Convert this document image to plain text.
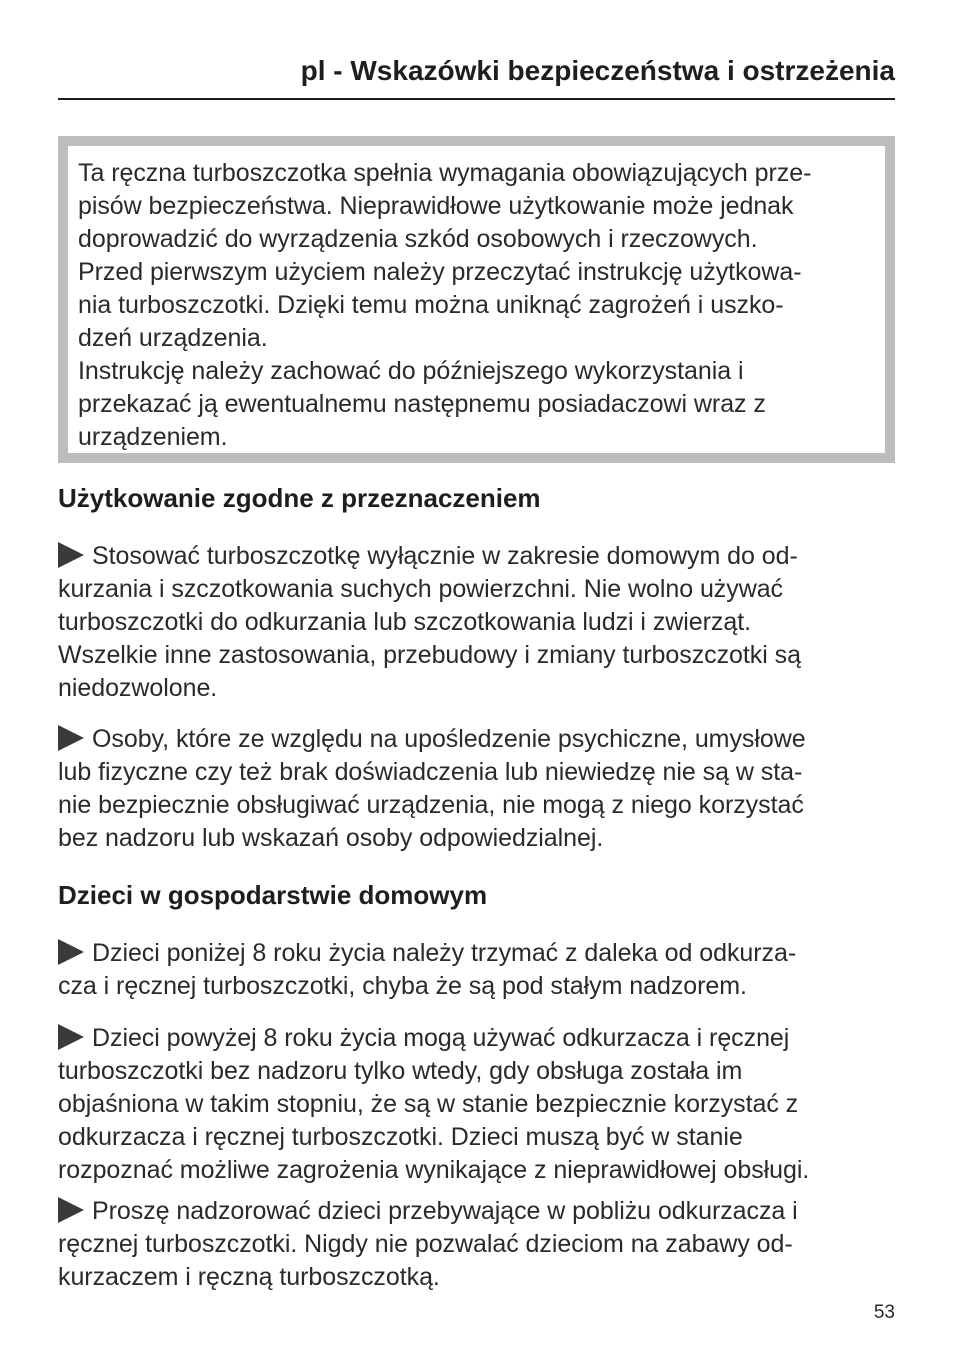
pl - Wskazówki bezpieczeństwa i ostrzeżenia
Ta ręczna turboszczotka spełnia wymagania obowiązujących prze-
pisów bezpieczeństwa. Nieprawidłowe użytkowanie może jednak
doprowadzić do wyrządzenia szkód osobowych i rzeczowych.
Przed pierwszym użyciem należy przeczytać instrukcję użytkowa-
nia turboszczotki. Dzięki temu można uniknąć zagrożeń i uszko-
dzeń urządzenia.
Instrukcję należy zachować do późniejszego wykorzystania i
przekazać ją ewentualnemu następnemu posiadaczowi wraz z
urządzeniem.
Użytkowanie zgodne z przeznaczeniem
Stosować turboszczotkę wyłącznie w zakresie domowym do od-
kurzania i szczotkowania suchych powierzchni. Nie wolno używać
turboszczotki do odkurzania lub szczotkowania ludzi i zwierząt.
Wszelkie inne zastosowania, przebudowy i zmiany turboszczotki są
niedozwolone.
Osoby, które ze względu na upośledzenie psychiczne, umysłowe
lub fizyczne czy też brak doświadczenia lub niewiedzę nie są w sta-
nie bezpiecznie obsługiwać urządzenia, nie mogą z niego korzystać
bez nadzoru lub wskazań osoby odpowiedzialnej.
Dzieci w gospodarstwie domowym
Dzieci poniżej 8 roku życia należy trzymać z daleka od odkurza-
cza i ręcznej turboszczotki, chyba że są pod stałym nadzorem.
Dzieci powyżej 8 roku życia mogą używać odkurzacza i ręcznej
turboszczotki bez nadzoru tylko wtedy, gdy obsługa została im
objaśniona w takim stopniu, że są w stanie bezpiecznie korzystać z
odkurzacza i ręcznej turboszczotki. Dzieci muszą być w stanie
rozpoznać możliwe zagrożenia wynikające z nieprawidłowej obsługi.
Proszę nadzorować dzieci przebywające w pobliżu odkurzacza i
ręcznej turboszczotki. Nigdy nie pozwalać dzieciom na zabawy od-
kurzaczem i ręczną turboszczotką.
53
